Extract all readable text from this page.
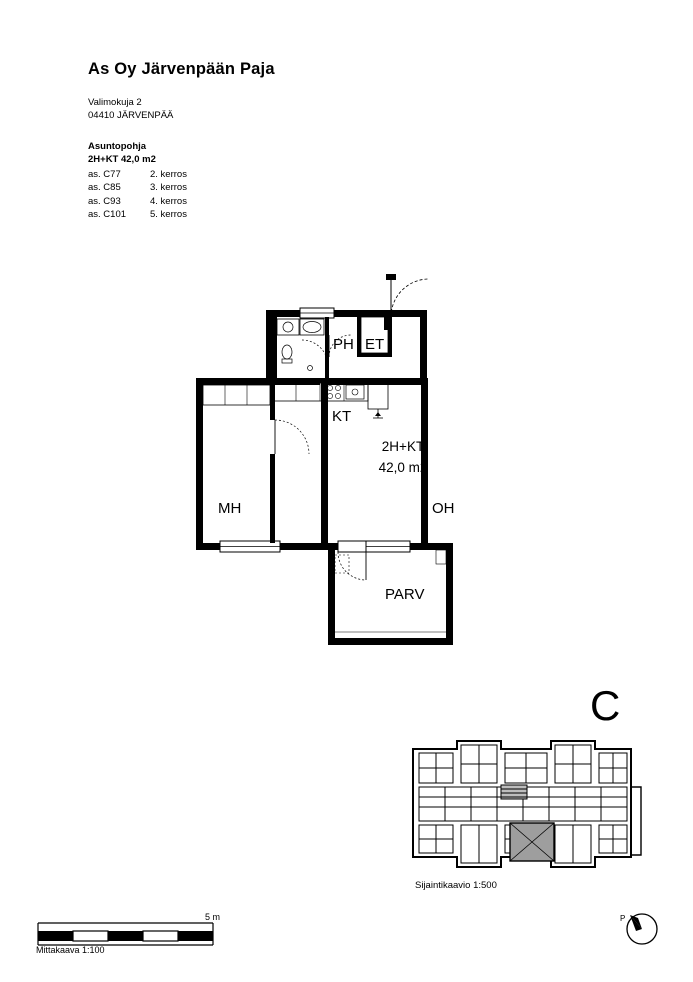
As Oy Järvenpään Paja
Valimokuja 2
04410 JÄRVENPÄÄ
Asuntopohja
2H+KT 42,0 m2
as. C77	2. kerros
as. C85	3. kerros
as. C93	4. kerros
as. C101	5. kerros
PH ET
KT
MH	OH
PARV
2H+KT
42,0 m2
C
Sijaintikaavio 1:500
P
5 m
Mittakaava 1:100
